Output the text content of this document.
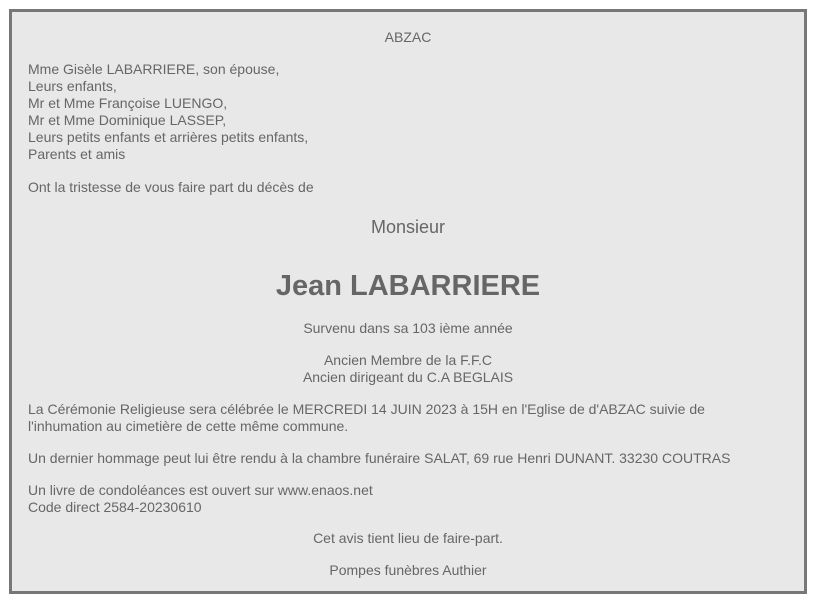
ABZAC
Mme Gisèle LABARRIERE, son épouse,
Leurs enfants,
Mr et Mme Françoise LUENGO,
Mr et Mme Dominique LASSEP,
Leurs petits enfants et arrières petits enfants,
Parents et amis
Ont la tristesse de vous faire part du décès de
Monsieur
Jean LABARRIERE
Survenu dans sa 103 ième année
Ancien Membre de la F.F.C
Ancien dirigeant du C.A BEGLAIS
La Cérémonie Religieuse sera célébrée le MERCREDI 14 JUIN 2023 à 15H en l'Eglise de d'ABZAC suivie de
l'inhumation au cimetière de cette même commune.
Un dernier hommage peut lui être rendu à la chambre funéraire SALAT, 69 rue Henri DUNANT. 33230 COUTRAS
Un livre de condoléances est ouvert sur www.enaos.net
Code direct 2584-20230610
Cet avis tient lieu de faire-part.
Pompes funèbres Authier
